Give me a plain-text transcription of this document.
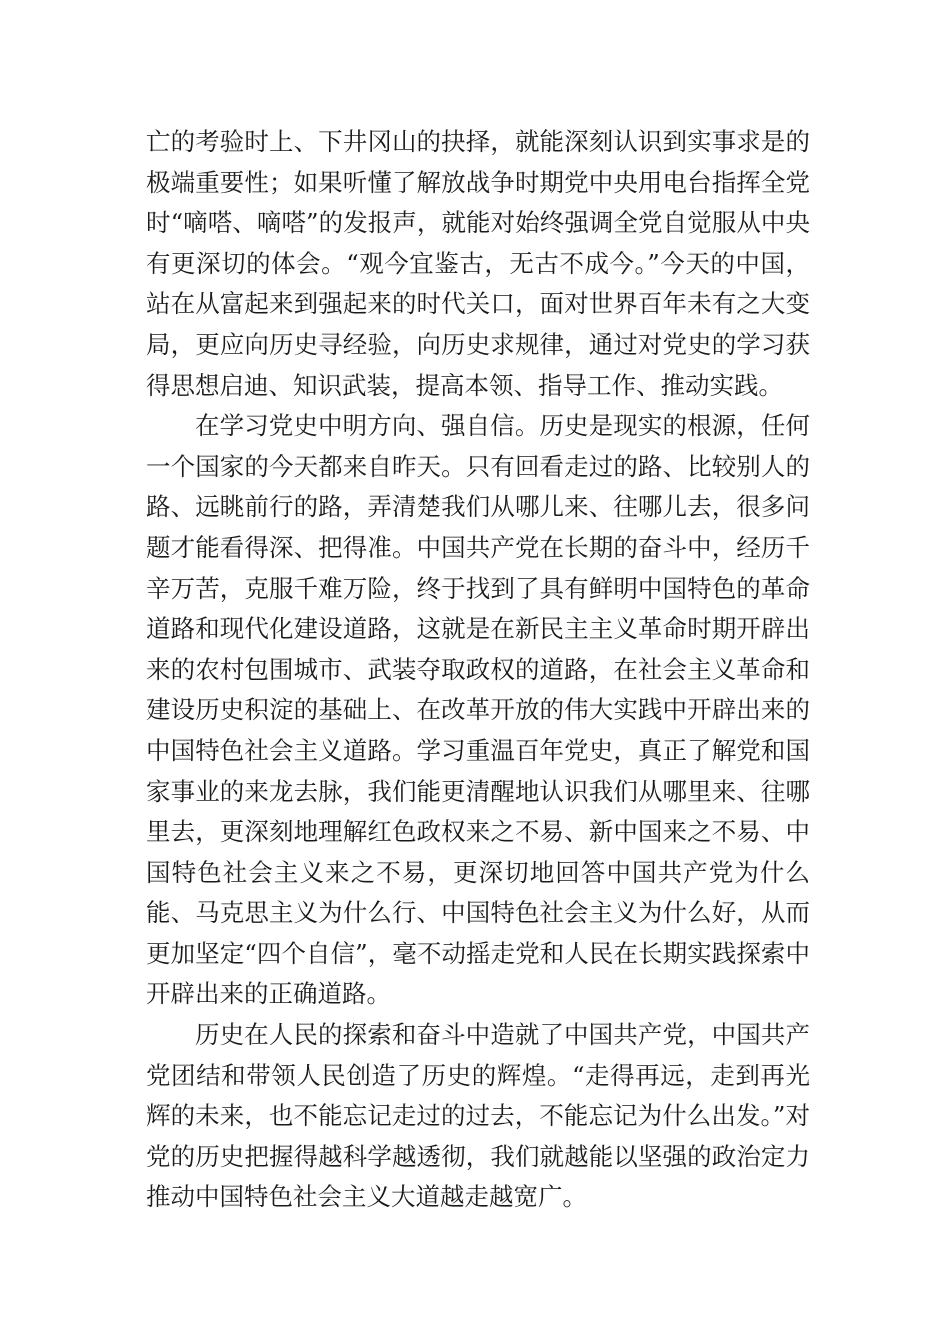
亡的考验时上、下井冈山的抉择，就能深刻认识到实事求是的极端重要性；如果听懂了解放战争时期党中央用电台指挥全党时“嘀嗒、嘀嗒”的发报声，就能对始终强调全党自觉服从中央有更深切的体会。“观今宜鉴古，无古不成今。”今天的中国，站在从富起来到强起来的时代关口，面对世界百年未有之大变局，更应向历史寻经验，向历史求规律，通过对党史的学习获得思想启迪、知识武装，提高本领、指导工作、推动实践。

在学习党史中明方向、强自信。历史是现实的根源，任何一个国家的今天都来自昨天。只有回看走过的路、比较别人的路、远眺前行的路，弄清楚我们从哪儿来、往哪儿去，很多问题才能看得深、把得准。中国共产党在长期的奋斗中，经历千辛万苦，克服千难万险，终于找到了具有鲜明中国特色的革命道路和现代化建设道路，这就是在新民主主义革命时期开辟出来的农村包围城市、武装夺取政权的道路，在社会主义革命和建设历史积淀的基础上、在改革开放的伟大实践中开辟出来的中国特色社会主义道路。学习重温百年党史，真正了解党和国家事业的来龙去脉，我们能更清醒地认识我们从哪里来、往哪里去，更深刻地理解红色政权来之不易、新中国来之不易、中国特色社会主义来之不易，更深切地回答中国共产党为什么能、马克思主义为什么行、中国特色社会主义为什么好，从而更加坚定“四个自信”，毫不动摇走党和人民在长期实践探索中开辟出来的正确道路。

历史在人民的探索和奋斗中造就了中国共产党，中国共产党团结和带领人民创造了历史的辉煌。“走得再远，走到再光辉的未来，也不能忘记走过的过去，不能忘记为什么出发。”对党的历史把握得越科学越透彻，我们就越能以坚强的政治定力推动中国特色社会主义大道越走越宽广。
